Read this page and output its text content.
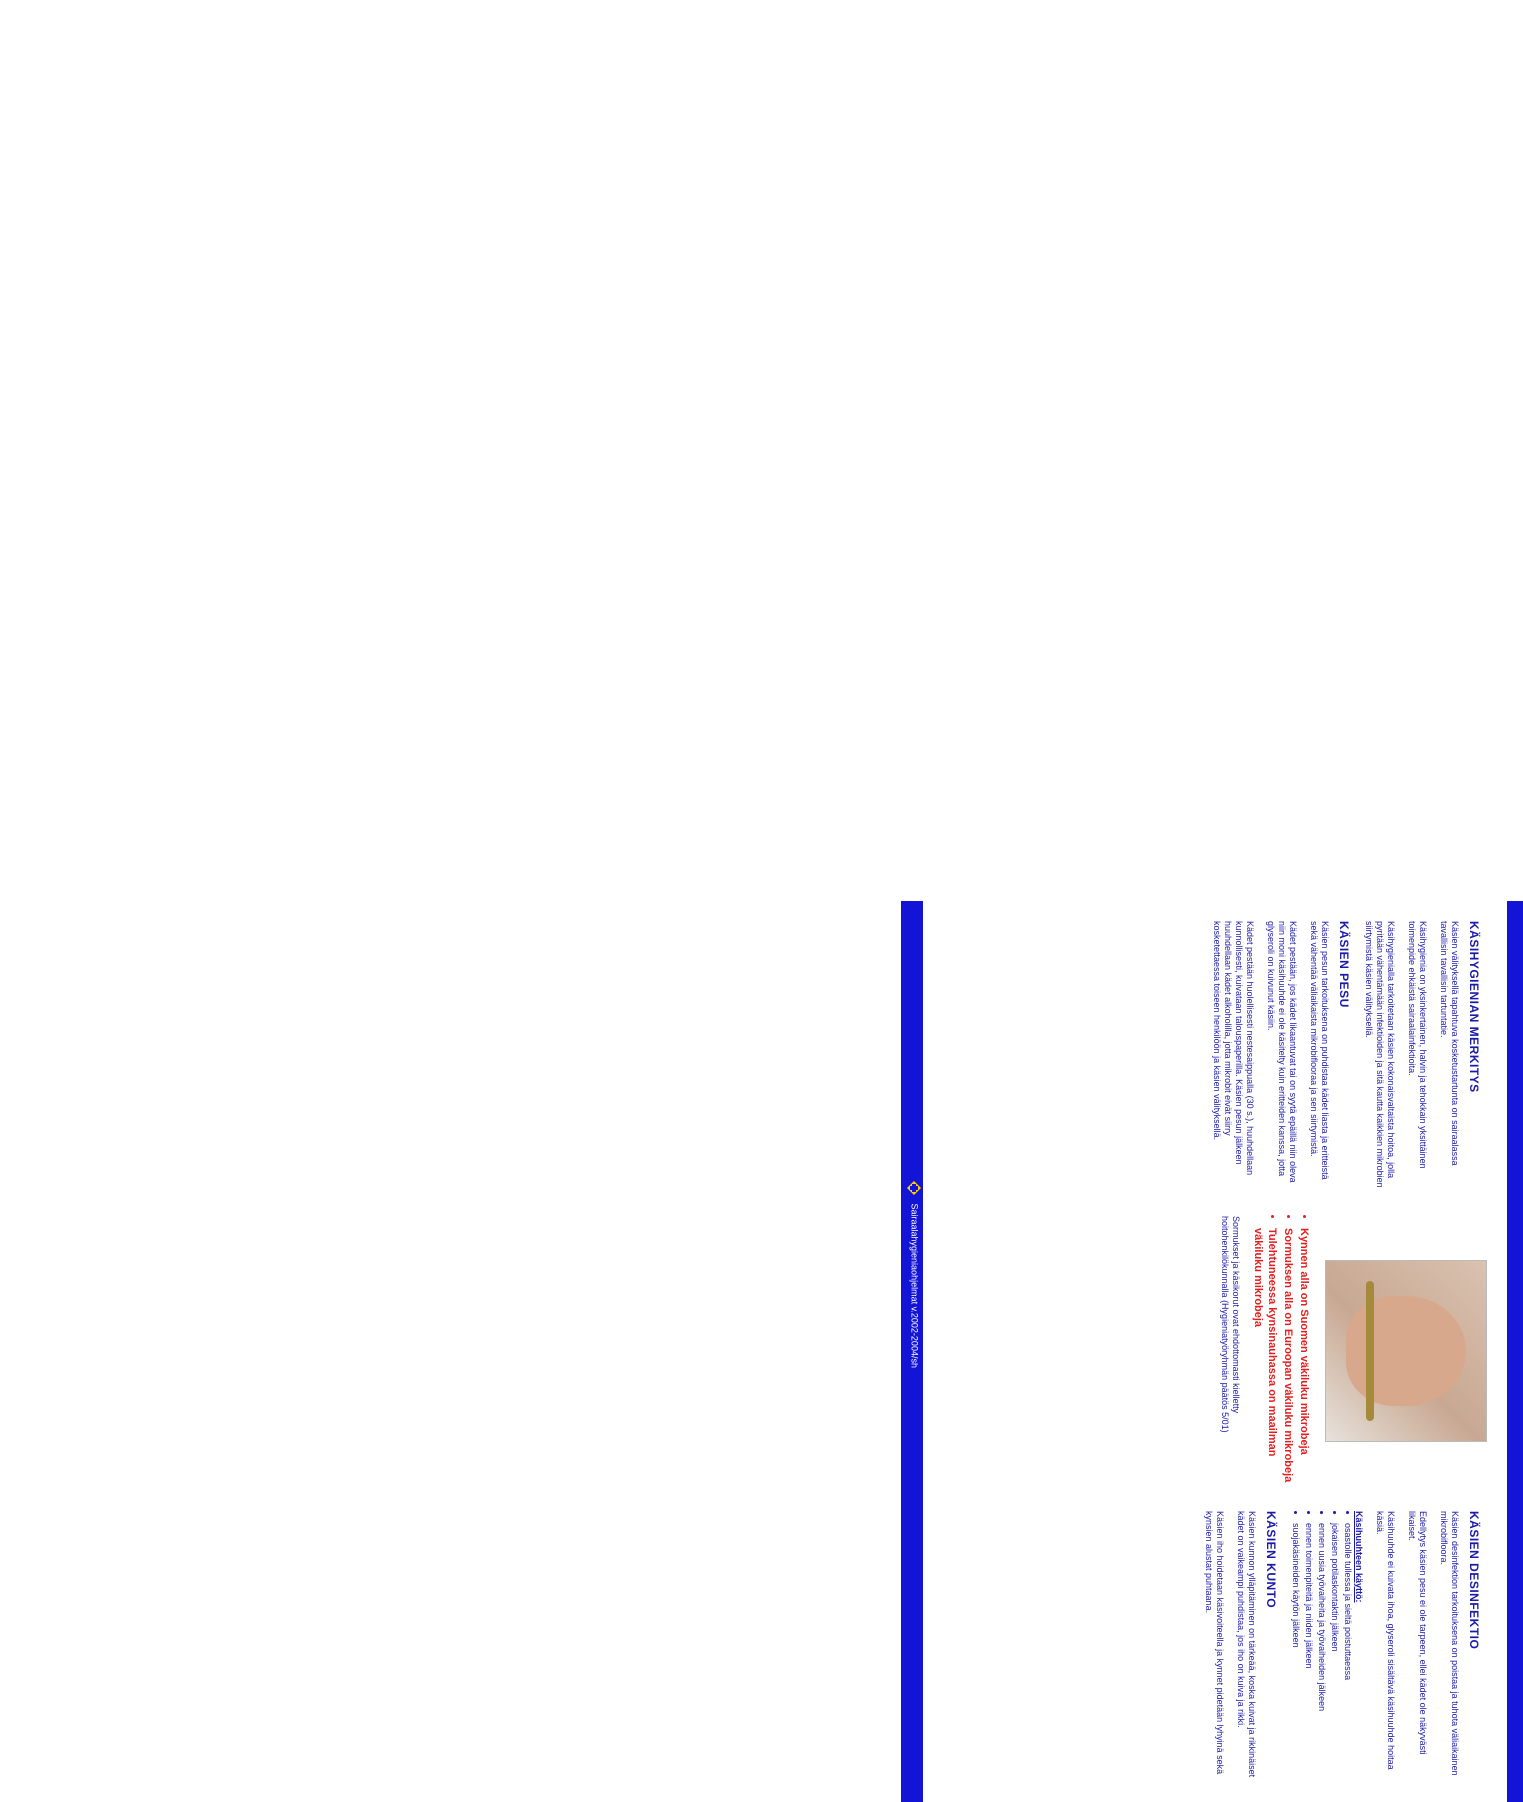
KÄSIHYGIENIAN MERKITYS

Käsien välityksellä tapahtuva kosketustartunta on sairaalassa tavallisin tavallisin tartuntatie.

Käsihygienia on yksinkertainen, halvin ja tehokkain yksittäinen toimenpide ehkäistä sairaalainfektioita.

Käsihygienialla tarkoitetaan käsien kokonaisvaltaista hoitoa, jolla pyritään vähentämään infektioiden ja sitä kautta kaikkien mikrobien siirtymistä käsien välityksellä.

KÄSIEN PESU

Käsien pesun tarkoituksena on puhdistaa kädet liasta ja eritteistä sekä vähentää väliaikaista mikrobiflooraa ja sen siirtymistä.

Kädet pestään, jos kädet likaantuvat tai on syytä epäillä niin oleva niin moni käsihuuhde ei ole käsitelty kuin eritteiden kanssa, jotta glyseroli on kuivunut käsiin.

Kädet pestään huolellisesti nestesaippualla (30 s.), huuhdellaan kunnollisesti, kuivataan talouspaperilla. Käsien pesun jälkeen huuhdellaan kädet alkoholilla, jotta mikrobit eivät siirry kosketettaessa toiseen henkilöön ja käsien välityksellä.

• Kynnen alla on Suomen väkiluku mikrobeja
• Sormuksen alla on Euroopan väkiluku mikrobeja
• Tulehtuneessa kynsinauhassa on maailman väkiluku mikrobeja

Sormukset ja käsikorut ovat ehdottomasti kielletty hoitohenkilökunnalla (Hygieniatyöryhmän päätös 5/01)

KÄSIEN DESINFEKTIO

Käsien desinfektion tarkoituksena on poistaa ja tuhota väliaikainen mikrobifloora.

Edellytys käsien pesu ei ole tarpeen, ellei kädet ole näkyvästi likaiset.

Käsihuuhde ei kuivata ihoa, glyseroli sisältävä käsihuuhde hoitaa käsiä.

Käsihuuhteen käyttö:
• osastolle tullessa ja sieltä poistuttaessa
• jokaisen potilaskontaktin jälkeen
• ennen uusia työvaiheita ja työvaiheiden jälkeen
• ennen toimenpiteitä ja niiden jälkeen
• suojakäsineiden käytön jälkeen
KÄSIEN KUNTO

Käsien kunnon ylläpitäminen on tärkeää, koska kuivat ja rikkinäiset kädet on vaikeampi puhdistaa, jos iho on kuiva ja rikki.

Käsien iho hoidetaan käsivoiteella ja kynnet pidetään lyhyinä sekä kynsien alustat puhtaana.

Sairaalahygieniaohjelmat v.2002-2004/sh
